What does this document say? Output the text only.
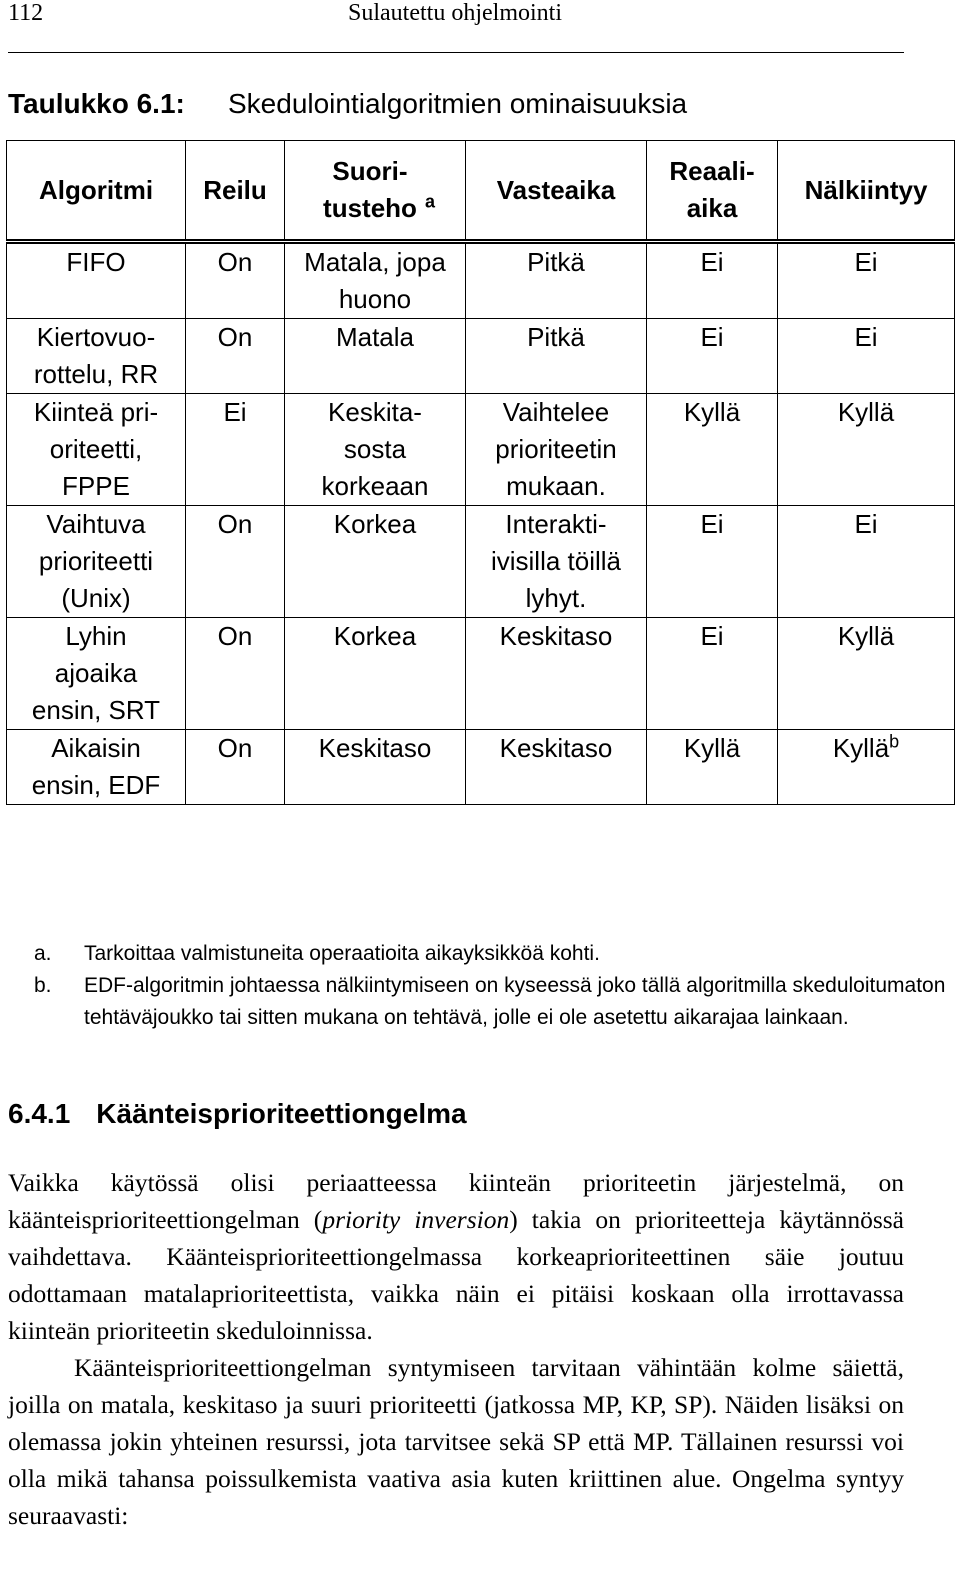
112	Sulautettu ohjelmointi
Taulukko 6.1: Skedulointialgoritmien ominaisuuksia
Algoritmi	Reilu	Suori-tusteho $^a$	Vasteaika	Reaali-aika	Nälkiintyy
FIFO	On	Matala, jopa huono	Pitkä	Ei	Ei
Kiertovuo-rottelu, RR	On	Matala	Pitkä	Ei	Ei
Kiinteä pri-oriteetti, FPPE	Ei	Keskita-sosta korkeaan	Vaihtelee prioriteetin mukaan.	Kyllä	Kyllä
Vaihtuva prioriteetti (Unix)	On	Korkea	Interakti-ivisilla töillä lyhyt.	Ei	Ei
Lyhin ajoaika ensin, SRT	On	Korkea	Keskitaso	Ei	Kyllä
Aikaisin ensin, EDF	On	Keskitaso	Keskitaso	Kyllä	Kyllä$^b$
a. Tarkoittaa valmistuneita operaatioita aikayksikköä kohti.
b. EDF-algoritmin johtaessa nälkiintymiseen on kyseessä joko tällä algoritmilla skeduloitumaton tehtäväjoukko tai sitten mukana on tehtävä, jolle ei ole asetettu aikarajaa lainkaan.
6.4.1 Käänteisprioriteettiongelma

Vaikka käytössä olisi periaatteessa kiinteän prioriteetin järjestelmä, on käänteisprioriteettiongelman (priority inversion) takia on prioriteetteja käytännössä vaihdettava. Käänteisprioriteettiongelmassa korkeaprioriteettinen säie joutuu odottamaan matalaprioriteettista, vaikka näin ei pitäisi koskaan olla irrottavassa kiinteän prioriteetin skeduloinnissa.

Käänteisprioriteettiongelman syntymiseen tarvitaan vähintään kolme säiettä, joilla on matala, keskitaso ja suuri prioriteetti (jatkossa MP, KP, SP). Näiden lisäksi on olemassa jokin yhteinen resurssi, jota tarvitsee sekä SP että MP. Tällainen resurssi voi olla mikä tahansa poissulkemista vaativa asia kuten kriittinen alue. Ongelma syntyy seuraavasti:
